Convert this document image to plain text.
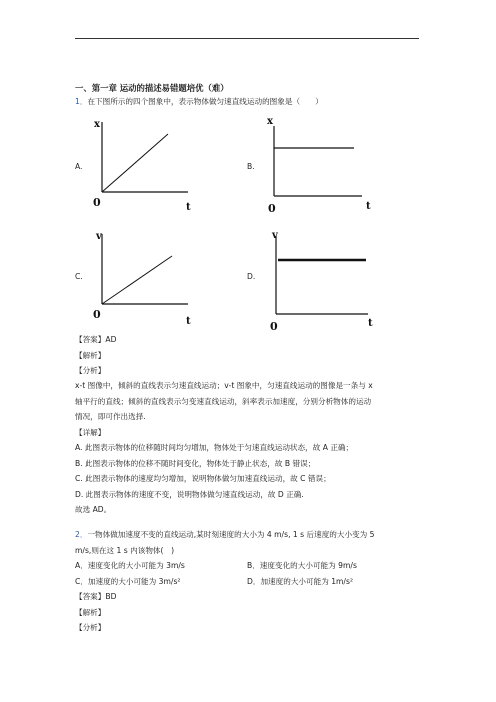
一、第一章 运动的描述易错题培优（难）
1．在下图所示的四个图象中，表示物体做匀速直线运动的图象是（　　）
A.	B.
C.	D.
x
t
0
x
t
0
v
t
0
v
t
0
【答案】AD
【解析】
【分析】
x-t 图像中，倾斜的直线表示匀速直线运动；v-t 图象中，匀速直线运动的图像是一条与 x
轴平行的直线；倾斜的直线表示匀变速直线运动，斜率表示加速度，分别分析物体的运动
情况，即可作出选择.
【详解】
A. 此图表示物体的位移随时间均匀增加，物体处于匀速直线运动状态，故 A 正确；
B. 此图表示物体的位移不随时间变化，物体处于静止状态，故 B 错误；
C. 此图表示物体的速度均匀增加，说明物体做匀加速直线运动，故 C 错误；
D. 此图表示物体的速度不变，说明物体做匀速直线运动，故 D 正确.
故选 AD。
2．一物体做加速度不变的直线运动,某时刻速度的大小为 4 m/s, 1 s 后速度的大小变为 5
m/s,则在这 1 s 内该物体(　)
A．速度变化的大小可能为 3m/s	B．速度变化的大小可能为 9m/s
C．加速度的大小可能为 3m/s²	D．加速度的大小可能为 1m/s²
【答案】BD
【解析】
【分析】
